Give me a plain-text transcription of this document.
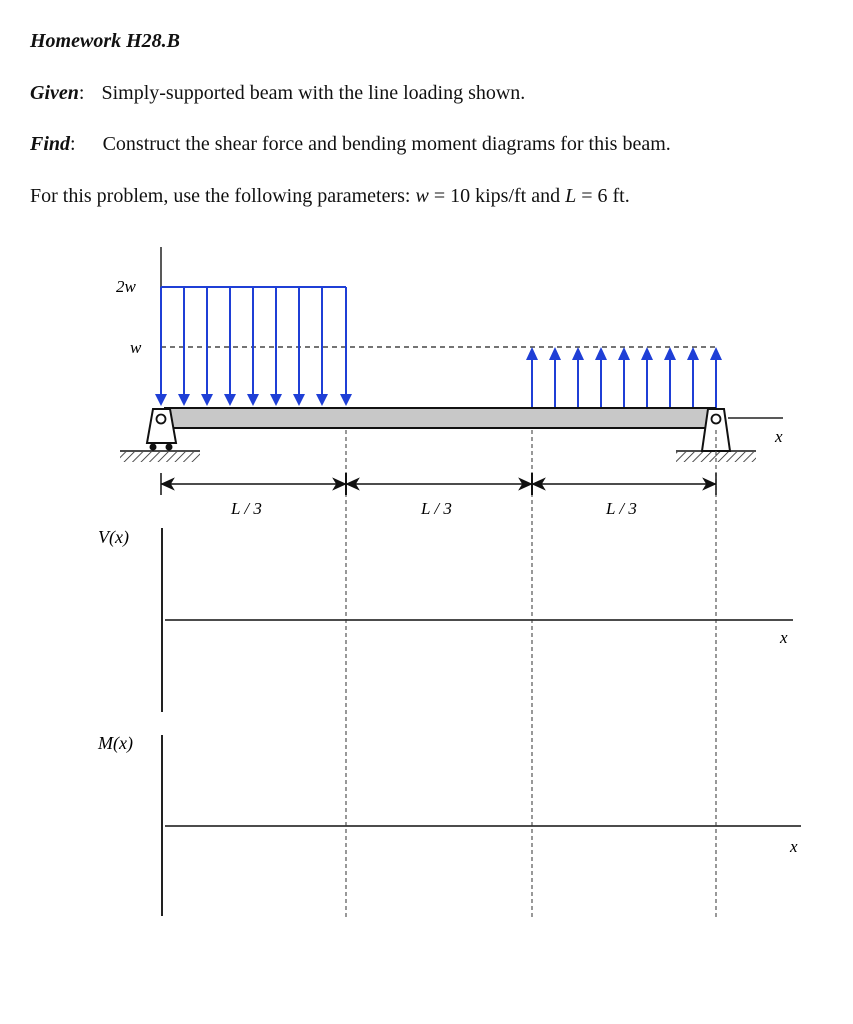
Homework H28.B
Given: Simply-supported beam with the line loading shown.
Find: Construct the shear force and bending moment diagrams for this beam.
For this problem, use the following parameters: w = 10 kips/ft and L = 6 ft.
2w
w
x
L / 3	L / 3	L / 3
V(x)
x
M(x)
x
